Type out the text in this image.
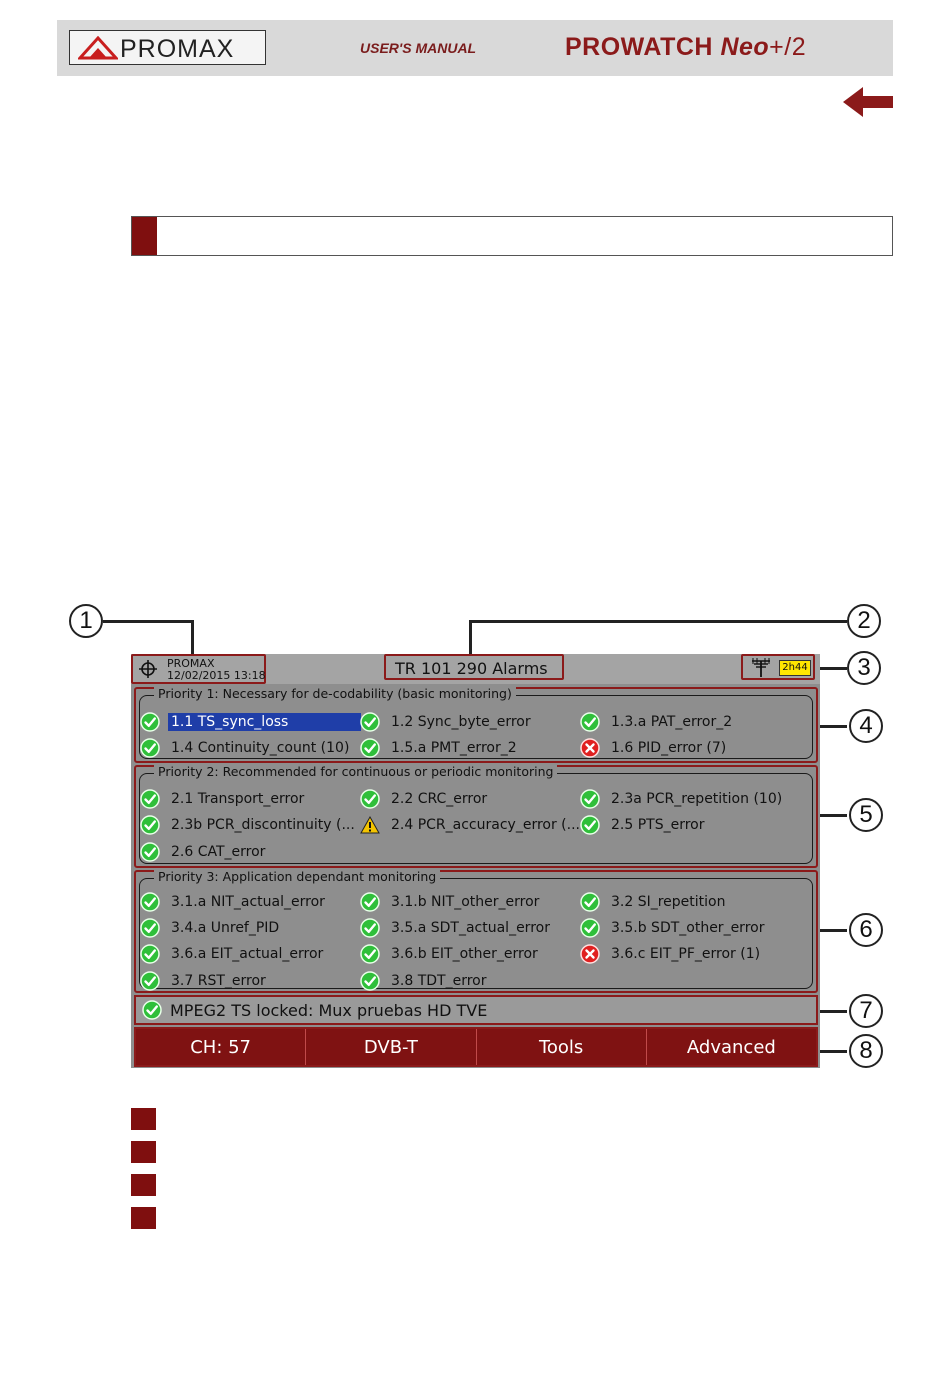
PROMAX	USER'S MANUAL	PROWATCH Neo+/2
1	2
3
4
5
6
7
8
PROMAX
12/02/2015 13:18	TR 101 290 Alarms	2h44
Priority 1: Necessary for de-codability (basic monitoring)
Priority 2: Recommended for continuous or periodic monitoring
Priority 3: Application dependant monitoring
1.1 TS_sync_loss	1.2 Sync_byte_error	1.3.a PAT_error_2
1.4 Continuity_count (10)	1.5.a PMT_error_2	1.6 PID_error (7)
2.1 Transport_error	2.2 CRC_error	2.3a PCR_repetition (10)
2.3b PCR_discontinuity (...	2.4 PCR_accuracy_error (... 2.5 PTS_error
2.6 CAT_error
3.1.a NIT_actual_error	3.1.b NIT_other_error	3.2 SI_repetition
3.4.a Unref_PID	3.5.a SDT_actual_error	3.5.b SDT_other_error
3.6.a EIT_actual_error	3.6.b EIT_other_error	3.6.c EIT_PF_error (1)
3.7 RST_error	3.8 TDT_error
MPEG2 TS locked: Mux pruebas HD TVE
CH: 57	DVB-T	Tools	Advanced
